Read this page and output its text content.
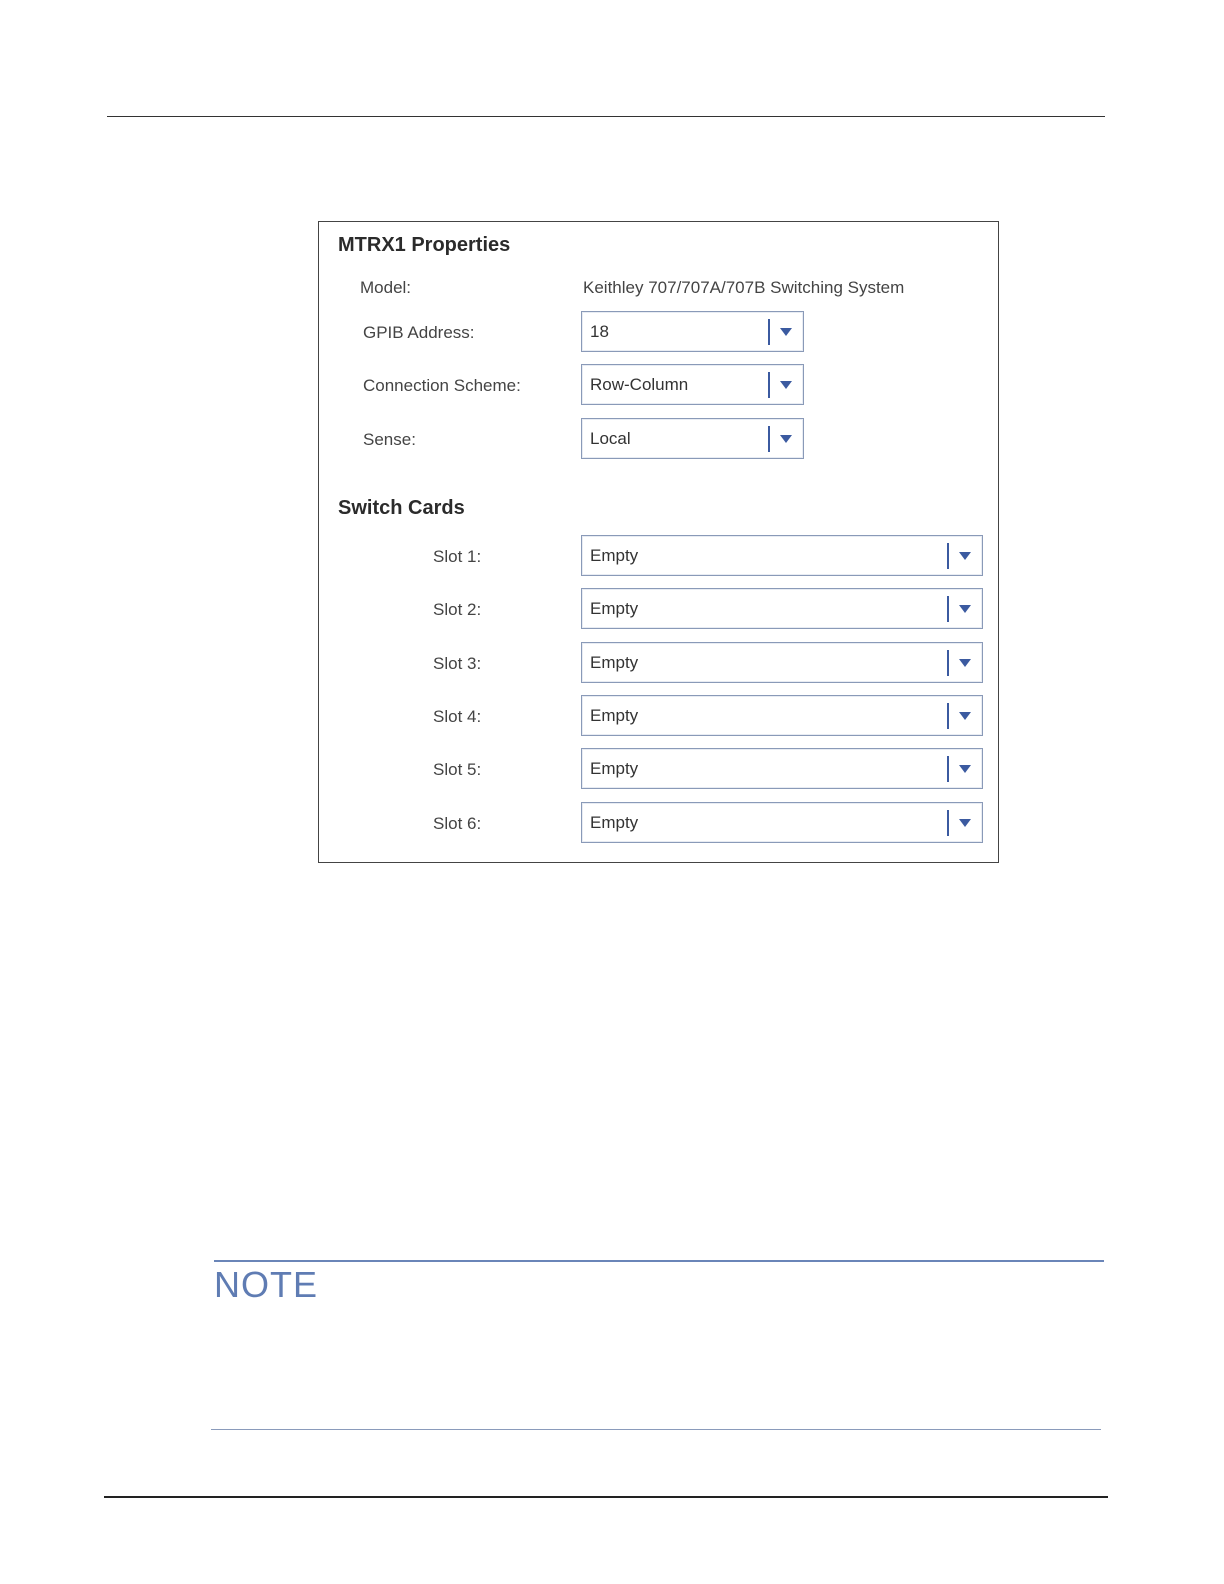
MTRX1 Properties
Model:	Keithley 707/707A/707B Switching System
GPIB Address:	18
Connection Scheme:	Row-Column
Sense:	Local
Switch Cards
Slot 1:	Empty
Slot 2:	Empty
Slot 3:	Empty
Slot 4:	Empty
Slot 5:	Empty
Slot 6:	Empty
NOTE
